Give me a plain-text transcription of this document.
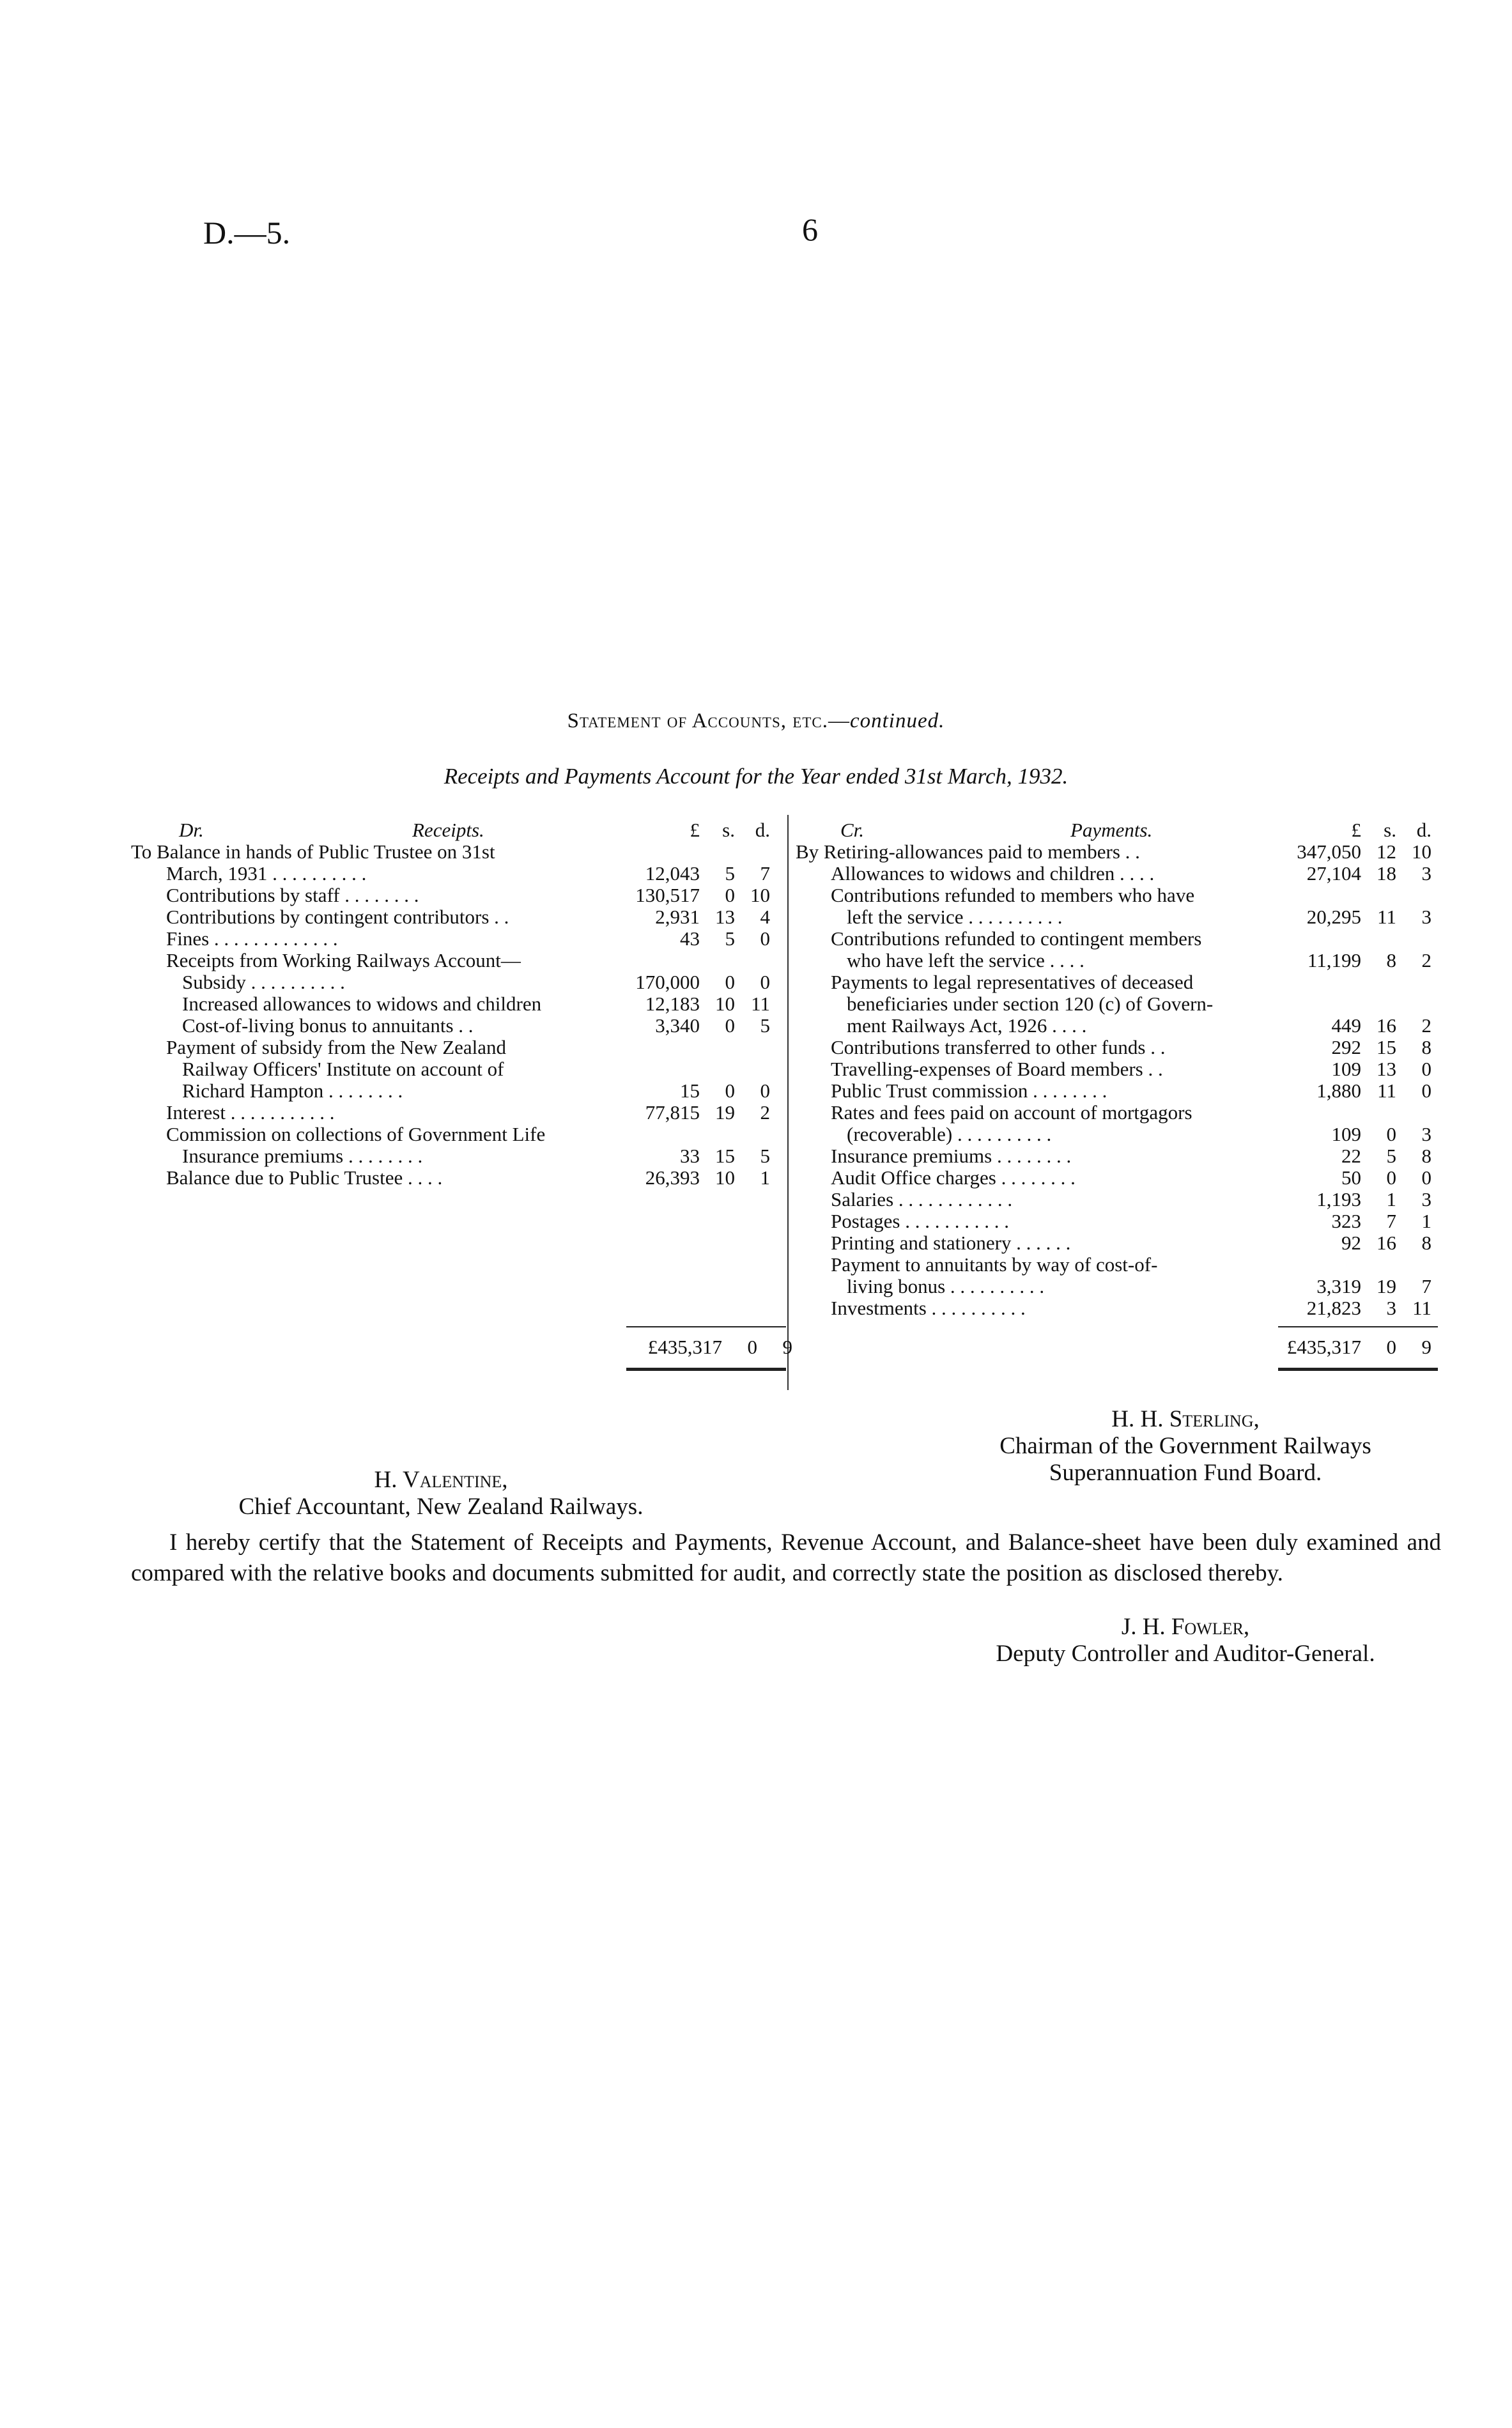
D.—5.	6
Statement of Accounts, etc.—continued.
Receipts and Payments Account for the Year ended 31st March, 1932.
Dr.	Receipts.	£	s.	d.
To Balance in hands of Public Trustee on 31st
March, 1931 . . . . . . . . . .	12,043	5	7
Contributions by staff . . . . . . . .	130,517	0 10
Contributions by contingent contributors . .	2,931 13	4
Fines . . . . . . . . . . . . .	43	5	0
Receipts from Working Railways Account—
Subsidy . . . . . . . . . .	170,000	0	0
Increased allowances to widows and children	12,183 10 11
Cost-of-living bonus to annuitants . .	3,340	0	5
Payment of subsidy from the New Zealand
Railway Officers' Institute on account of
Richard Hampton . . . . . . . .	15	0	0
Interest . . . . . . . . . . .	77,815 19	2
Commission on collections of Government Life
Insurance premiums . . . . . . . .	33 15	5
Balance due to Public Trustee . . . .	26,393 10	1
Cr.	Payments.	£	s.	d.
By Retiring-allowances paid to members . .	347,050 12 10
Allowances to widows and children . . . .	27,104 18	3
Contributions refunded to members who have
left the service . . . . . . . . . .	20,295 11	3
Contributions refunded to contingent members
who have left the service . . . .	11,199	8	2
Payments to legal representatives of deceased
beneficiaries under section 120 (c) of Govern-
ment Railways Act, 1926 . . . .	449 16	2
Contributions transferred to other funds . .	292 15	8
Travelling-expenses of Board members . .	109 13	0
Public Trust commission . . . . . . . .	1,880 11	0
Rates and fees paid on account of mortgagors
(recoverable) . . . . . . . . . .	109	0	3
Insurance premiums . . . . . . . .	22	5	8
Audit Office charges . . . . . . . .	50	0	0
Salaries . . . . . . . . . . . .	1,193	1	3
Postages . . . . . . . . . . .	323	7	1
Printing and stationery . . . . . .	92 16	8
Payment to annuitants by way of cost-of-
living bonus . . . . . . . . . .	3,319 19	7
Investments . . . . . . . . . .	21,823	3 11
£435,317	0	9	£435,317	0	9
H. H. Sterling,
Chairman of the Government Railways
Superannuation Fund Board.
H. Valentine,
Chief Accountant, New Zealand Railways.
I hereby certify that the Statement of Receipts and Payments, Revenue Account, and Balance-sheet have been duly examined and compared with the relative books and documents submitted for audit, and correctly state the position as disclosed thereby.
J. H. Fowler,
Deputy Controller and Auditor-General.
